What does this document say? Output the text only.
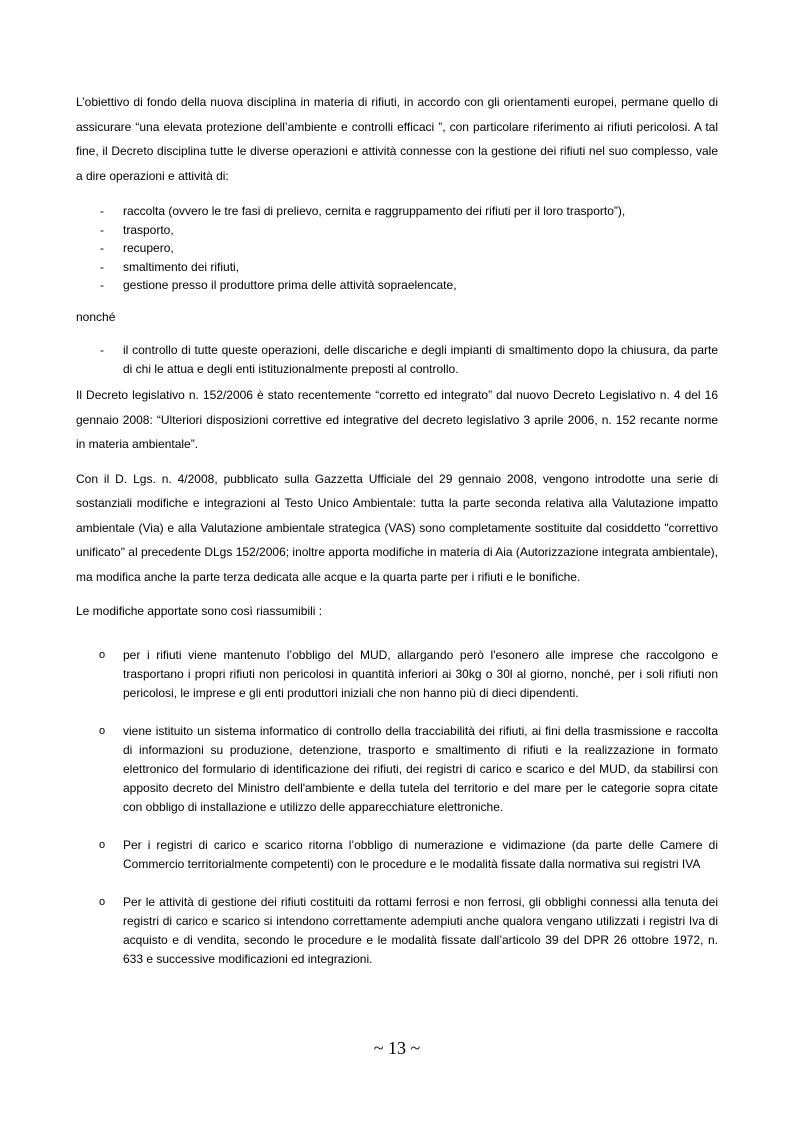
L’obiettivo di fondo della nuova disciplina in materia di rifiuti, in accordo con gli orientamenti europei, permane quello di assicurare “una elevata protezione dell’ambiente e controlli efficaci ”, con particolare riferimento ai rifiuti pericolosi. A tal fine, il Decreto disciplina tutte le diverse operazioni e attività connesse con la gestione dei rifiuti nel suo complesso, vale a dire operazioni e attività di:

- raccolta (ovvero le tre fasi di prelievo, cernita e raggruppamento dei rifiuti per il loro trasporto”),
- trasporto,
- recupero,
- smaltimento dei rifiuti,
- gestione presso il produttore prima delle attività sopraelencate,

nonché

- il controllo di tutte queste operazioni, delle discariche e degli impianti di smaltimento dopo la chiusura, da parte di chi le attua e degli enti istituzionalmente preposti al controllo.

Il Decreto legislativo n. 152/2006 è stato recentemente “corretto ed integrato” dal nuovo Decreto Legislativo n. 4 del 16 gennaio 2008: “Ulteriori disposizioni correttive ed integrative del decreto legislativo 3 aprile 2006, n. 152 recante norme in materia ambientale”.

Con il D. Lgs. n. 4/2008, pubblicato sulla Gazzetta Ufficiale del 29 gennaio 2008, vengono introdotte una serie di sostanziali modifiche e integrazioni al Testo Unico Ambientale: tutta la parte seconda relativa alla Valutazione impatto ambientale (Via) e alla Valutazione ambientale strategica (VAS) sono completamente sostituite dal cosiddetto "correttivo unificato" al precedente DLgs 152/2006; inoltre apporta modifiche in materia di Aia (Autorizzazione integrata ambientale), ma modifica anche la parte terza dedicata alle acque e la quarta parte per i rifiuti e le bonifiche.

Le modifiche apportate sono così riassumibili :

o per i rifiuti viene mantenuto l’obbligo del MUD, allargando però l'esonero alle imprese che raccolgono e trasportano i propri rifiuti non pericolosi in quantità inferiori ai 30kg o 30l al giorno, nonché, per i soli rifiuti non pericolosi, le imprese e gli enti produttori iniziali che non hanno più di dieci dipendenti.
o viene istituito un sistema informatico di controllo della tracciabilità dei rifiuti, ai fini della trasmissione e raccolta di informazioni su produzione, detenzione, trasporto e smaltimento di rifiuti e la realizzazione in formato elettronico del formulario di identificazione dei rifiuti, dei registri di carico e scarico e del MUD, da stabilirsi con apposito decreto del Ministro dell'ambiente e della tutela del territorio e del mare per le categorie sopra citate con obbligo di installazione e utilizzo delle apparecchiature elettroniche.
o Per i registri di carico e scarico ritorna l’obbligo di numerazione e vidimazione (da parte delle Camere di Commercio territorialmente competenti) con le procedure e le modalità fissate dalla normativa sui registri IVA
o Per le attività di gestione dei rifiuti costituiti da rottami ferrosi e non ferrosi, gli obblighi connessi alla tenuta dei registri di carico e scarico si intendono correttamente adempiuti anche qualora vengano utilizzati i registri Iva di acquisto e di vendita, secondo le procedure e le modalità fissate dall’articolo 39 del DPR 26 ottobre 1972, n. 633 e successive modificazioni ed integrazioni.
~ 13 ~
